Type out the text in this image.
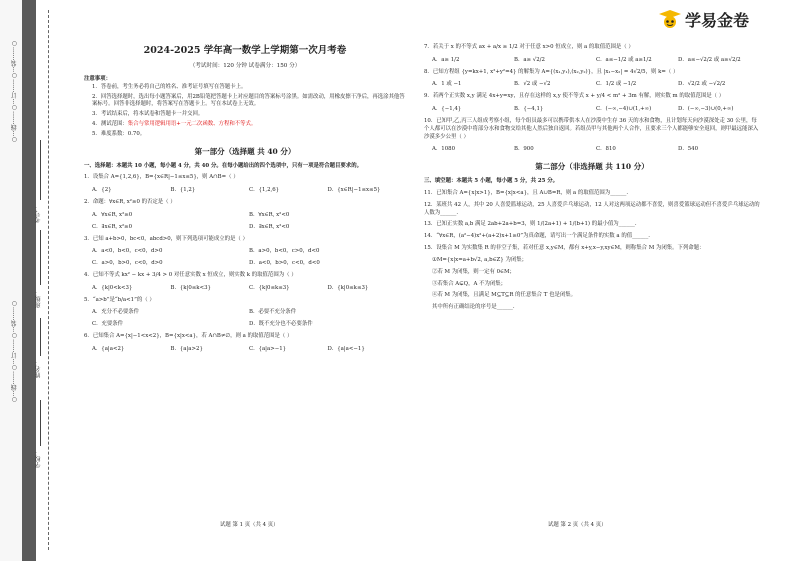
○···线·······○···订·······○···装·······○
○···线·······○···订·······○···装·······○
考号：
班级：
姓名：
学校：
学易金卷
2024-2025 学年高一数学上学期第一次月考卷
（考试时间：120 分钟 试卷满分：150 分）
注意事项：

1．答卷前，考生务必将自己的姓名、准考证号填写在答题卡上。

2．回答选择题时，选出每小题答案后，用2B铅笔把答题卡上对应题目的答案标号涂黑。如需改动，用橡皮擦干净后，再选涂其他答案标号。回答非选择题时，将答案写在答题卡上。写在本试卷上无效。

3．考试结束后，将本试卷和答题卡一并交回。

4．测试范围：集合与常用逻辑用语+一元二次函数、方程和不等式。

5．难度系数：0.70。

第一部分（选择题 共 40 分）

一、选择题：本题共 10 小题，每小题 4 分，共 40 分。在每小题给出的四个选项中，只有一项是符合题目要求的。

1．设集合 A={1,2,6}，B={x∈R|−1≤x≤5}，则 A∩B=（ ）

A．{2}	B．{1,2}	C．{1,2,6}	D．{x∈R|−1≤x≤5}

2．命题：∀x∈R, x²≥0 的否定是（ ）

A．∀x∈R, x²≥0	B．∀x∈R, x²<0
C．∃x∈R, x²≥0	D．∃x∈R, x²<0

3．已知 a+b>0，bc<0，abcd>0，则下列选项可能成立的是（ ）

A．a<0，b<0，c<0，d>0	B．a>0，b<0，c>0，d<0
C．a>0，b>0，c<0，d>0	D．a<0，b>0，c<0，d<0

4．已知不等式 kx² − kx + 3/4 > 0 对任意实数 x 恒成立，则实数 k 的取值范围为（ ）

A．{k|0<k<3}	B．{k|0≤k<3}	C．{k|0≤k≤3}	D．{k|0≤k≤3}

5．“a>b”是“b/a<1”的（ ）

A．充分不必要条件	B．必要不充分条件
C．充要条件	D．既不充分也不必要条件

6．已知集合 A={x|−1<x<2}，B={x|x<a}，若 A∩B≠∅，则 a 的取值范围是（ ）

A．{a|a<2}	B．{a|a>2}	C．{a|a>−1}	D．{a|a<−1}
试题 第 1 页（共 4 页）

7．若关于 x 的不等式 ax + a/x ≥ 1/2 对于任意 x>0 恒成立，则 a 的取值范围是（ ）

A．a≥ 1/2	B．a≥ √2/2	C．a≤−1/2 或 a≥1/2	D．a≤−√2/2 或 a≥√2/2

8．已知方程组 {y=kx+1, x²+y²=4} 的解集为 A={(x₁,y₁),(x₂,y₂)}，且 |x₁−x₂| = 4√2/5，则 k=（ ）

A．1 或 −1	B．√2 或 −√2	C．1/2 或 −1/2	D．√2/2 或 −√2/2

9．若两个正实数 x,y 满足 4x+y=xy，且存在这样的 x,y 使不等式 x + y/4 < m² + 3m 有解，则实数 m 的取值范围是（ ）

A．{−1,4}	B．{−4,1}	C．(−∞,−4)∪(1,+∞)	D．(−∞,−3)∪(0,+∞)

10．已知甲,乙,丙三人组成考察小组，每个组员最多可以携带供本人在沙漠中生存 36 天的水和食物，且计划每天向沙漠深处走 30 公里，每个人都可以在沙漠中将部分水和食物交给其他人然后独自返回。若组员甲与其他两个人合作，且要求三个人都能够安全返回，则甲最远能深入沙漠多少公里（ ）

A．1080	B．900	C．810	D．540
第二部分（非选择题 共 110 分）

三、填空题：本题共 5 小题，每小题 5 分，共 25 分。

11．已知集合 A={x|x>1}，B={x|x<a}，且 A∪B=R，则 a 的取值范围为______.

12．某班共 42 人，其中 20 人喜爱篮球运动，25 人喜爱乒乓球运动，12 人对这两项运动都不喜爱，则喜爱篮球运动但不喜爱乒乓球运动的人数为______.

13．已知正实数 a,b 满足 2ab+2a+b=3，则 1/(2a+1) + 1/(b+1) 的最小值为______.

14．“∀x∈R，(a²−4)x²+(a+2)x+1≥0”为真命题，请写出一个满足条件的实数 a 的值______.

15．设集合 M 为实数集 R 的非空子集，若对任意 x,y∈M，都有 x+y,x−y,xy∈M，则称集合 M 为闭集。下列命题：

①M={x|x=a+b√2, a,b∈Z} 为闭集；

②若 M 为闭集，则一定有 0∈M；

③若集合 A⊊Q，A 不为闭集；

④若 M 为闭集，且满足 M⊆T⊆R 的任意集合 T 也是闭集。

其中所有正确结论的序号是______.

试题 第 2 页（共 4 页）
